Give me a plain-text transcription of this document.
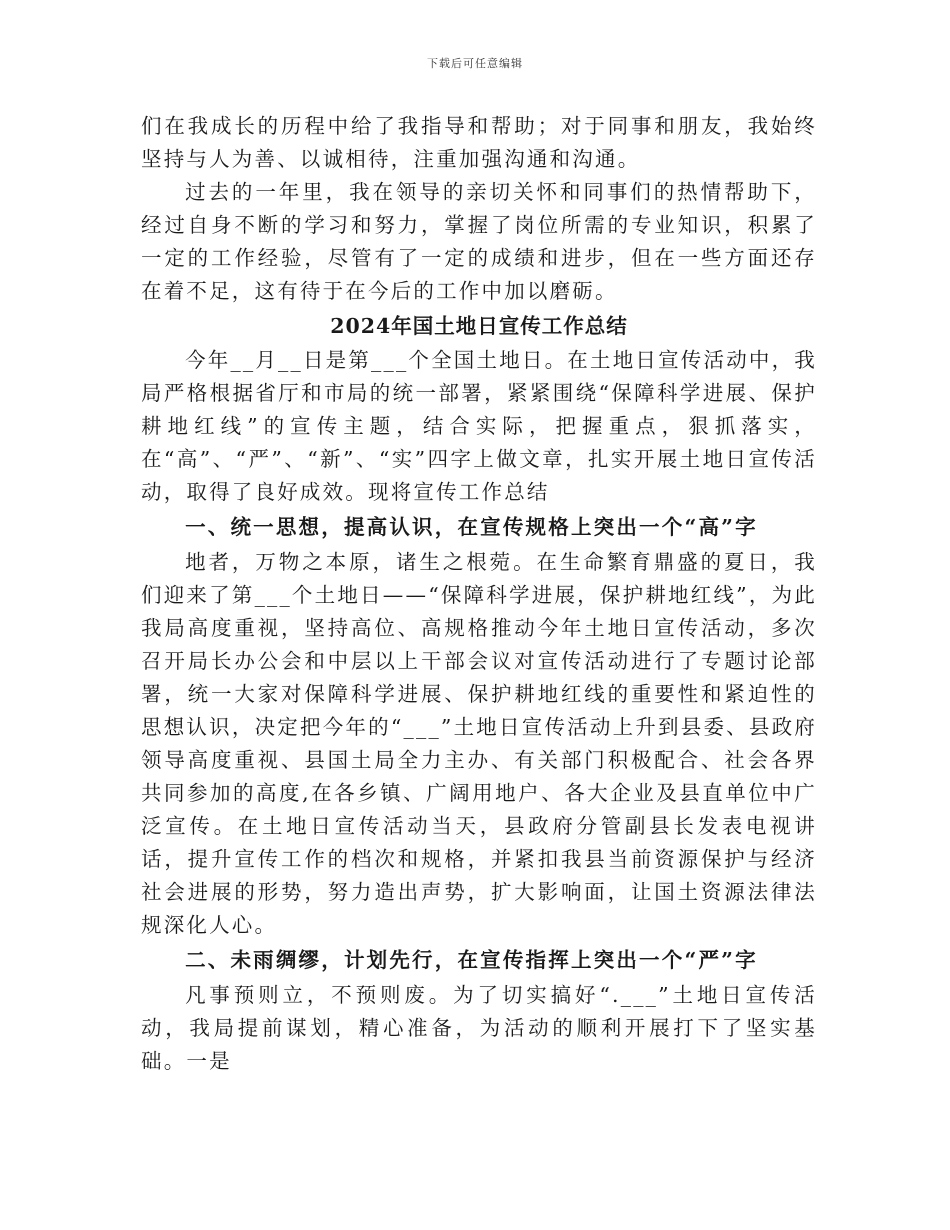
下载后可任意编辑

们在我成长的历程中给了我指导和帮助；对于同事和朋友，我始终坚持与人为善、以诚相待，注重加强沟通和沟通。

过去的一年里，我在领导的亲切关怀和同事们的热情帮助下，经过自身不断的学习和努力，掌握了岗位所需的专业知识，积累了一定的工作经验，尽管有了一定的成绩和进步，但在一些方面还存在着不足，这有待于在今后的工作中加以磨砺。

2024年国土地日宣传工作总结

今年__月__日是第___个全国土地日。在土地日宣传活动中，我局严格根据省厅和市局的统一部署，紧紧围绕“保障科学进展、保护耕地红线”的宣传主题，结合实际，把握重点，狠抓落实，在“高”、“严”、“新”、“实”四字上做文章，扎实开展土地日宣传活动，取得了良好成效。现将宣传工作总结

一、统一思想，提高认识，在宣传规格上突出一个“高”字

地者，万物之本原，诸生之根菀。在生命繁育鼎盛的夏日，我们迎来了第___个土地日——“保障科学进展，保护耕地红线”，为此我局高度重视，坚持高位、高规格推动今年土地日宣传活动，多次召开局长办公会和中层以上干部会议对宣传活动进行了专题讨论部署，统一大家对保障科学进展、保护耕地红线的重要性和紧迫性的思想认识，决定把今年的“___”土地日宣传活动上升到县委、县政府领导高度重视、县国土局全力主办、有关部门积极配合、社会各界共同参加的高度,在各乡镇、广阔用地户、各大企业及县直单位中广泛宣传。在土地日宣传活动当天，县政府分管副县长发表电视讲话，提升宣传工作的档次和规格，并紧扣我县当前资源保护与经济社会进展的形势，努力造出声势，扩大影响面，让国土资源法律法规深化人心。

二、未雨绸缪，计划先行，在宣传指挥上突出一个“严”字

凡事预则立，不预则废。为了切实搞好“.___”土地日宣传活动，我局提前谋划，精心准备，为活动的顺利开展打下了坚实基础。一是
